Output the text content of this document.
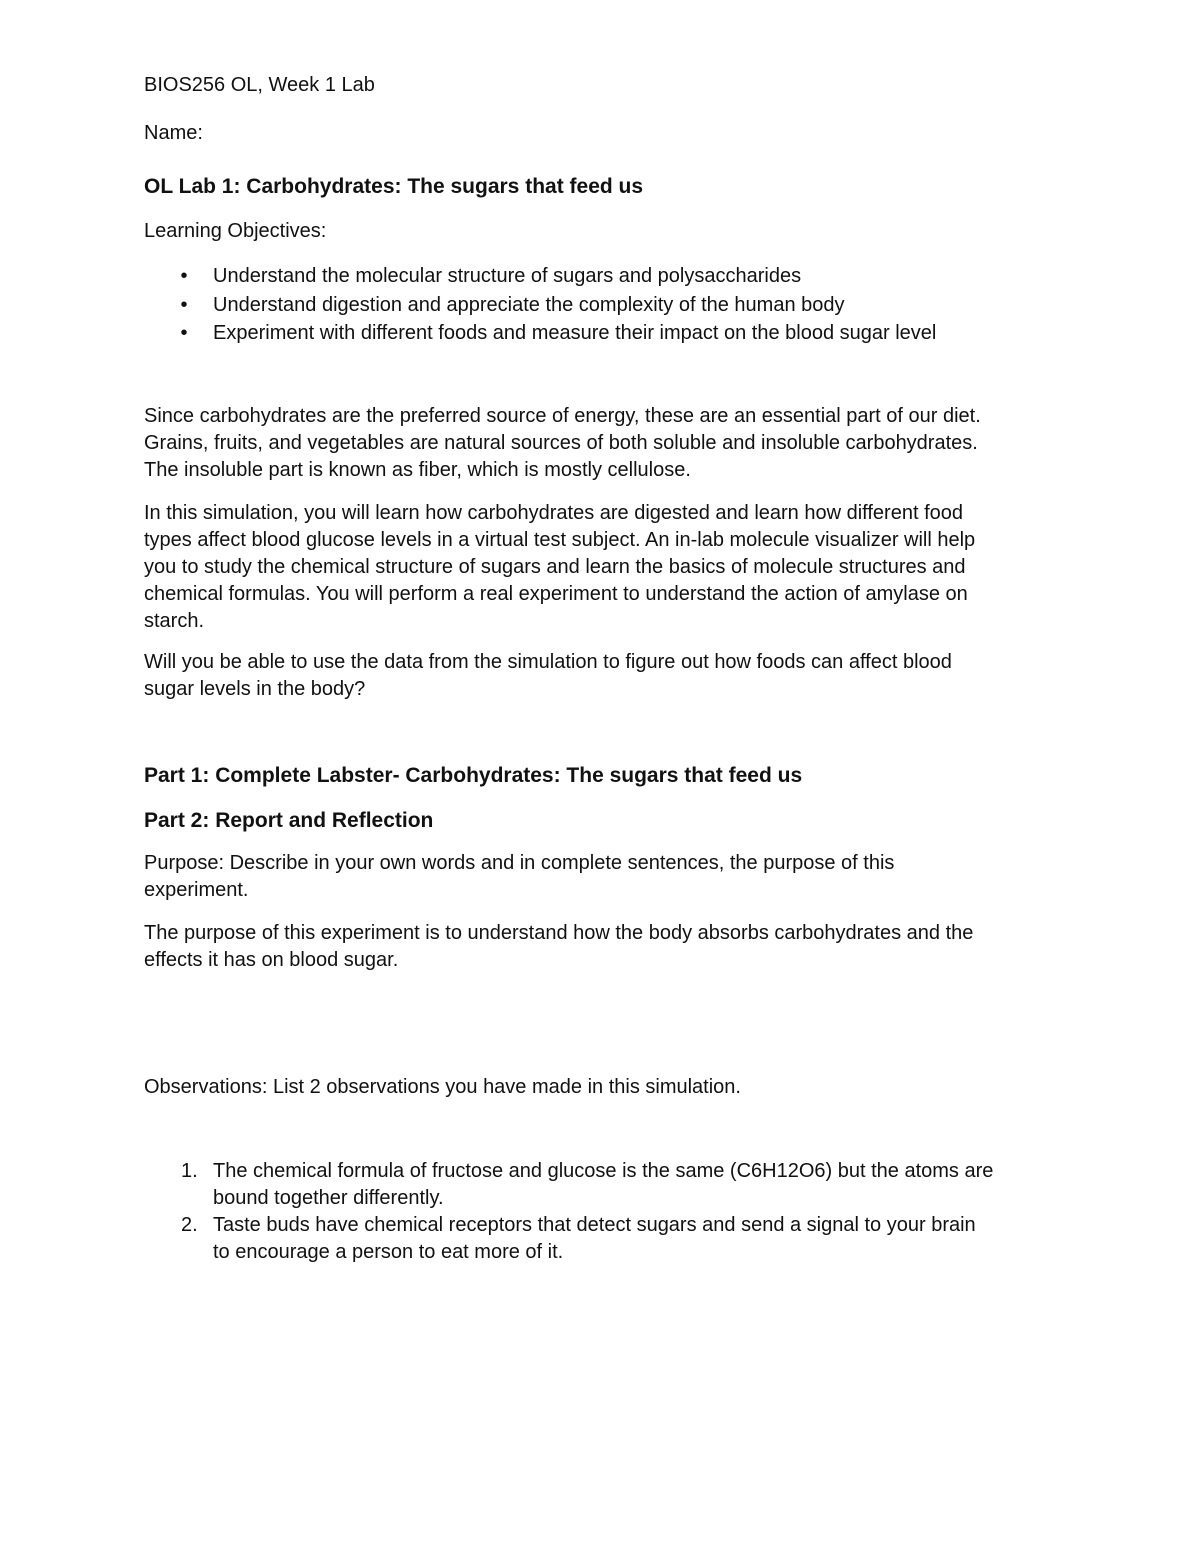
BIOS256 OL, Week 1 Lab
Name:
OL Lab 1: Carbohydrates: The sugars that feed us
Learning Objectives:
•	Understand the molecular structure of sugars and polysaccharides
•	Understand digestion and appreciate the complexity of the human body
•	Experiment with different foods and measure their impact on the blood sugar level
Since carbohydrates are the preferred source of energy, these are an essential part of our diet.
Grains, fruits, and vegetables are natural sources of both soluble and insoluble carbohydrates.
The insoluble part is known as fiber, which is mostly cellulose.
In this simulation, you will learn how carbohydrates are digested and learn how different food
types affect blood glucose levels in a virtual test subject. An in-lab molecule visualizer will help
you to study the chemical structure of sugars and learn the basics of molecule structures and
chemical formulas. You will perform a real experiment to understand the action of amylase on
starch.
Will you be able to use the data from the simulation to figure out how foods can affect blood
sugar levels in the body?
Part 1: Complete Labster- Carbohydrates: The sugars that feed us
Part 2: Report and Reflection
Purpose: Describe in your own words and in complete sentences, the purpose of this
experiment.
The purpose of this experiment is to understand how the body absorbs carbohydrates and the
effects it has on blood sugar.
Observations: List 2 observations you have made in this simulation.
1. The chemical formula of fructose and glucose is the same (C6H12O6) but the atoms are
bound together differently.
2. Taste buds have chemical receptors that detect sugars and send a signal to your brain
to encourage a person to eat more of it.
